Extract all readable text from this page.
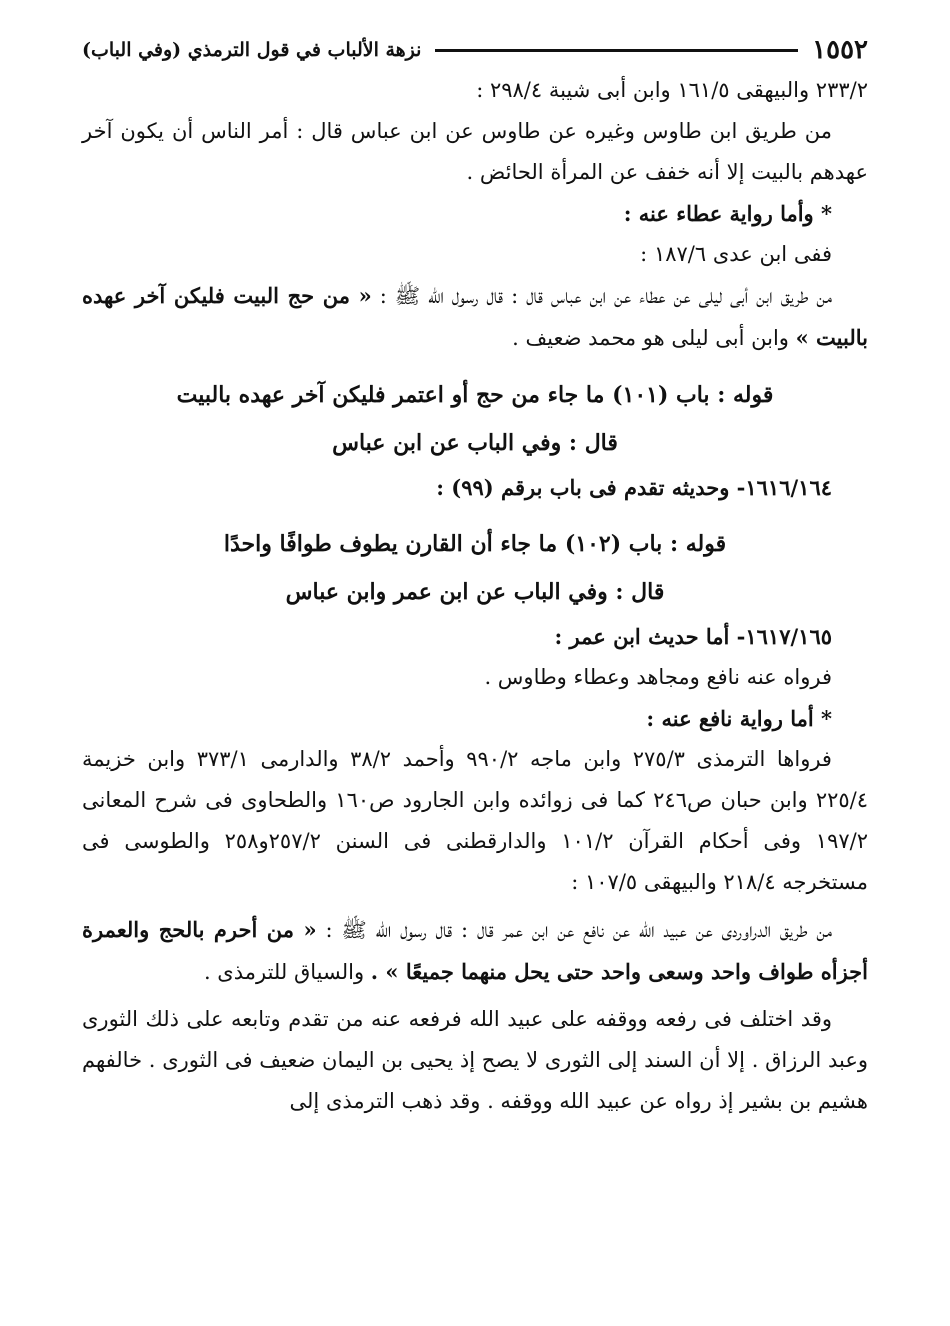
١٥٥٢
نزهة الألباب في قول الترمذي (وفي الباب)

٢٣٣/٢ والبيهقى ١٦١/٥ وابن أبى شيبة ٢٩٨/٤ :

من طريق ابن طاوس وغيره عن طاوس عن ابن عباس قال : أمر الناس أن يكون آخر عهدهم بالبيت إلا أنه خفف عن المرأة الحائض .

* وأما رواية عطاء عنه :

ففى ابن عدى ١٨٧/٦ :

من طريق ابن أبى ليلى عن عطاء عن ابن عباس قال : قال رسول الله ﷺ : « من حج البيت فليكن آخر عهده بالبيت » وابن أبى ليلى هو محمد ضعيف .

قوله : باب (١٠١) ما جاء من حج أو اعتمر فليكن آخر عهده بالبيت

قال : وفي الباب عن ابن عباس

١٦١٦/١٦٤- وحديثه تقدم فى باب برقم (٩٩) :

قوله : باب (١٠٢) ما جاء أن القارن يطوف طوافًا واحدًا

قال : وفي الباب عن ابن عمر وابن عباس

١٦١٧/١٦٥- أما حديث ابن عمر :

فرواه عنه نافع ومجاهد وعطاء وطاوس .

* أما رواية نافع عنه :

فرواها الترمذى ٢٧٥/٣ وابن ماجه ٩٩٠/٢ وأحمد ٣٨/٢ والدارمى ٣٧٣/١ وابن خزيمة ٢٢٥/٤ وابن حبان ص٢٤٦ كما فى زوائده وابن الجارود ص١٦٠ والطحاوى فى شرح المعانى ١٩٧/٢ وفى أحكام القرآن ١٠١/٢ والدارقطنى فى السنن ٢٥٧/٢و٢٥٨ والطوسى فى مستخرجه ٢١٨/٤ والبيهقى ١٠٧/٥ :

من طريق الدراوردى عن عبيد الله عن نافع عن ابن عمر قال : قال رسول الله ﷺ : « من أحرم بالحج والعمرة أجزأه طواف واحد وسعى واحد حتى يحل منهما جميعًا » . والسياق للترمذى .

وقد اختلف فى رفعه ووقفه على عبيد الله فرفعه عنه من تقدم وتابعه على ذلك الثورى وعبد الرزاق . إلا أن السند إلى الثورى لا يصح إذ يحيى بن اليمان ضعيف فى الثورى . خالفهم هشيم بن بشير إذ رواه عن عبيد الله ووقفه . وقد ذهب الترمذى إلى
